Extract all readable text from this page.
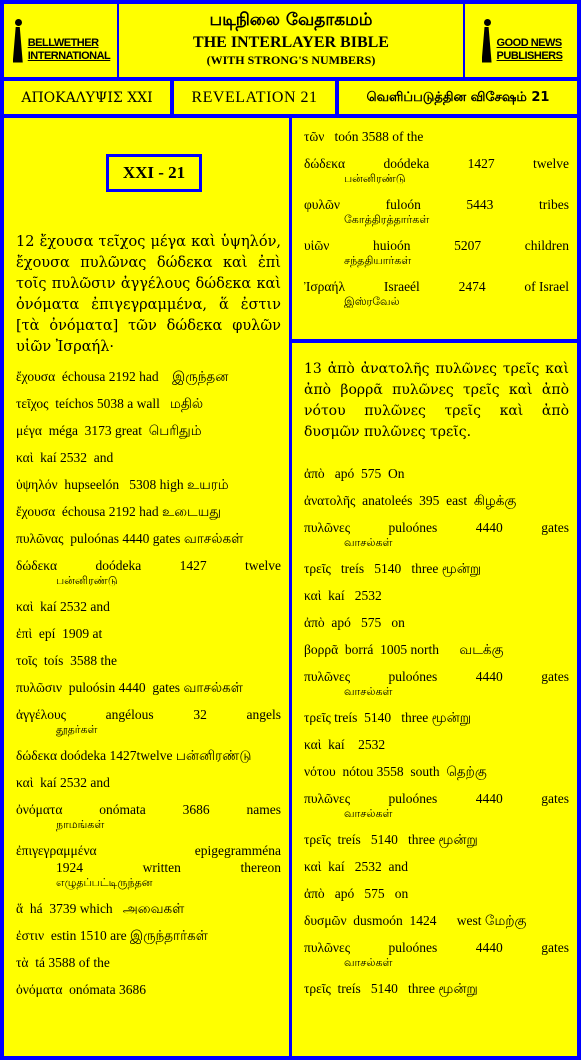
BELLWETHER
INTERNATIONAL
படிநிலை வேதாகமம்
THE INTERLAYER BIBLE
(WITH STRONG'S NUMBERS)
GOOD NEWS
PUBLISHERS
ΑΠΟΚΑΛΥΨΙΣ XXI REVELATION 21	வெளிப்படுத்தின விசேஷம் 21
XXI - 21
12 ἔχουσα τεῖχος μέγα καὶ ὑψηλόν, ἔχουσα πυλῶνας δώδεκα καὶ ἐπὶ τοῖς πυλῶσιν ἀγγέλους δώδεκα καὶ ὀνόματα ἐπιγεγραμμένα, ἅ ἐστιν [τὰ ὀνόματα] τῶν δώδεκα φυλῶν υἱῶν Ἰσραήλ·
ἔχουσα  échousa 2192 had    இருந்தன
τεῖχος  teíchos 5038 a wall   மதில்
μέγα  méga  3173 great  பெரிதும்
καὶ  kaí 2532  and
ὑψηλόν  hupseelón   5308 high உயரம்
ἔχουσα  échousa 2192 had உடையது
πυλῶνας  puloónas 4440 gates வாசல்கள்
δώδεκα	doódeka	1427	twelve
பன்னிரண்டு
καὶ  kaí 2532 and
ἐπὶ  epí  1909 at
τοῖς  toís  3588 the
πυλῶσιν  puloósin 4440  gates வாசல்கள்
ἀγγέλους	angélous	32	angels
தூதர்கள்
δώδεκα doódeka 1427twelve பன்னிரண்டு
καὶ  kaí 2532 and
ὀνόματα	onómata	3686	names
நாமங்கள்
ἐπιγεγραμμένα	epigegramména
1924	written	thereon
எழுதப்பட்டிருந்தன
ἅ  há  3739 which   அவைகள்
ἐστιν  estin 1510 are இருந்தார்கள்
τὰ  tá 3588 of the
ὀνόματα  onómata 3686
τῶν   toón 3588 of the
δώδεκα	doódeka	1427	twelve
பன்னிரண்டு
φυλῶν	fuloón	5443	tribes
கோத்திரத்தார்கள்
υἱῶν	huioón	5207	children
சந்ததியார்கள்
Ἰσραήλ	Israeél	2474	of Israel
இஸ்ரவேல்
13 ἀπὸ ἀνατολῆς πυλῶνες τρεῖς καὶ ἀπὸ βορρᾶ πυλῶνες τρεῖς καὶ ἀπὸ νότου πυλῶνες τρεῖς καὶ ἀπὸ δυσμῶν πυλῶνες τρεῖς.
ἀπὸ   apó  575  On
ἀνατολῆς  anatoleés  395  east  கிழக்கு
πυλῶνες	puloónes	4440	gates
வாசல்கள்
τρεῖς   treís   5140   three மூன்று
καὶ  kaí   2532
ἀπὸ  apó   575   on
βορρᾶ  borrá  1005 north      வடக்கு
πυλῶνες	puloónes	4440	gates
வாசல்கள்
τρεῖς treís  5140   three மூன்று
καὶ  kaí    2532
νότου  nótou 3558  south  தெற்கு
πυλῶνες	puloónes	4440	gates
வாசல்கள்
τρεῖς  treís   5140   three மூன்று
καὶ  kaí   2532  and
ἀπὸ   apó   575   on
δυσμῶν  dusmoón  1424      west மேற்கு
πυλῶνες	puloónes	4440	gates
வாசல்கள்
τρεῖς  treís   5140   three மூன்று
